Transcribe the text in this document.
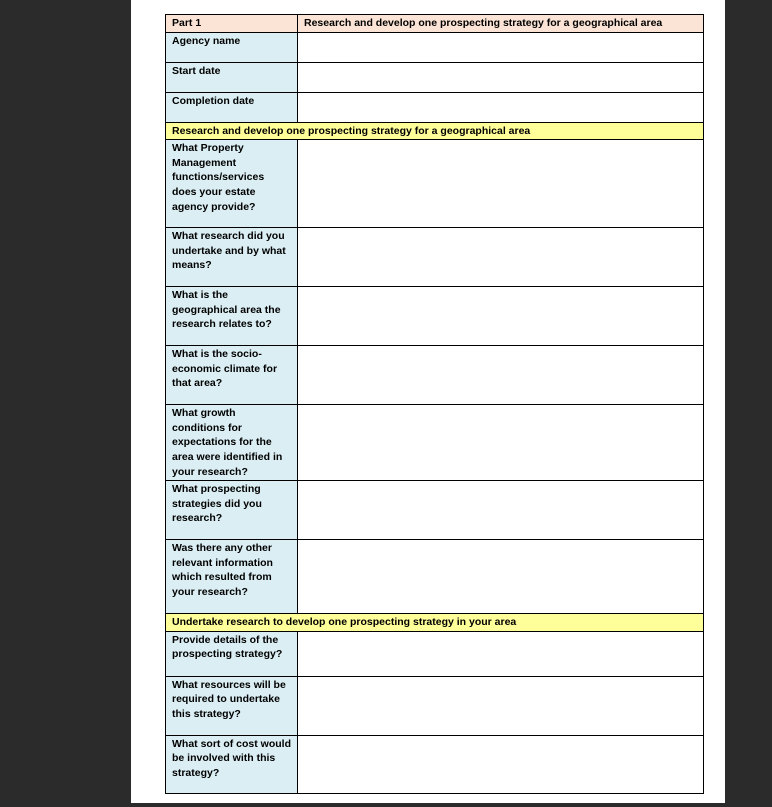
Part 1	Research and develop one prospecting strategy for a geographical area
Agency name	
Start date	
Completion date	
Research and develop one prospecting strategy for a geographical area	
What Property Management functions/services does your estate agency provide?	
What research did you undertake and by what means?	
What is the geographical area the research relates to?	
What is the socio-economic climate for that area?	
What growth conditions for expectations for the area were identified in your research?	
What prospecting strategies did you research?	
Was there any other relevant information which resulted from your research?	
Undertake research to develop one prospecting strategy in your area	
Provide details of the prospecting strategy?	
What resources will be required to undertake this strategy?	
What sort of cost would be involved with this strategy?	
